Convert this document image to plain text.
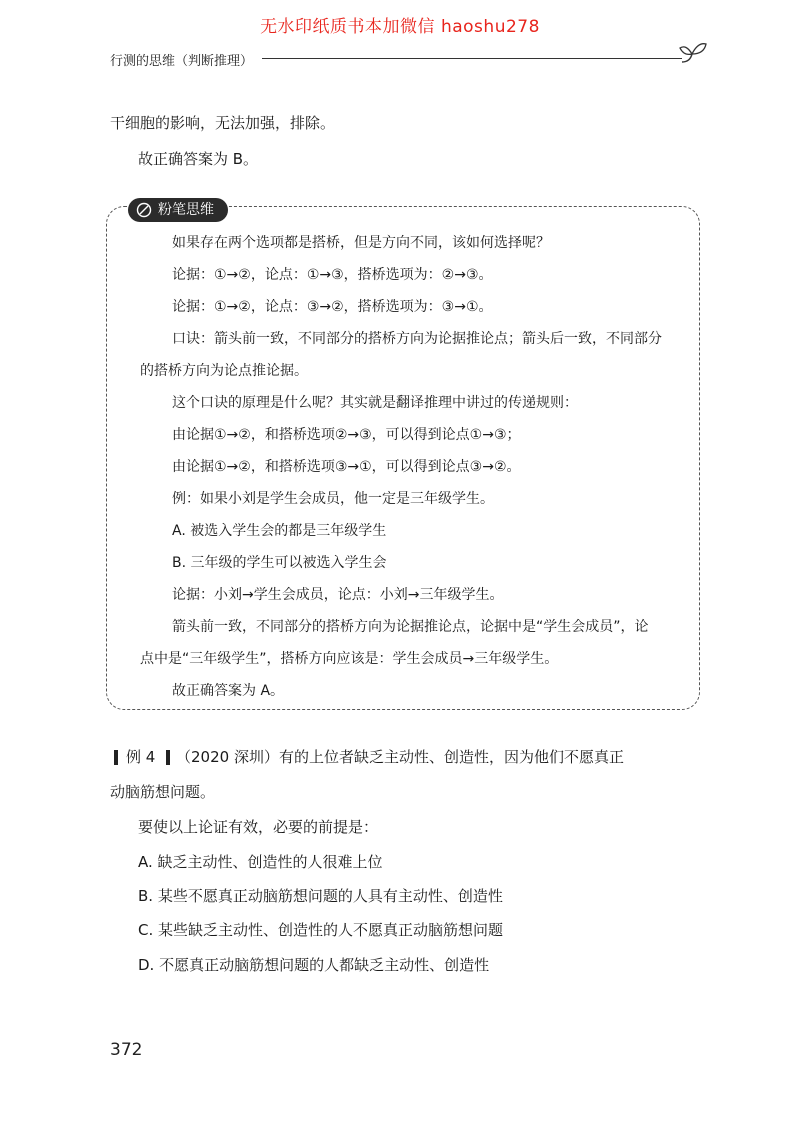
无水印纸质书本加微信 haoshu278
行测的思维（判断推理）
干细胞的影响，无法加强，排除。
故正确答案为 B。
粉笔思维
如果存在两个选项都是搭桥，但是方向不同，该如何选择呢？
论据：①→②，论点：①→③，搭桥选项为：②→③。
论据：①→②，论点：③→②，搭桥选项为：③→①。
口诀：箭头前一致，不同部分的搭桥方向为论据推论点；箭头后一致，不同部分
的搭桥方向为论点推论据。
这个口诀的原理是什么呢？其实就是翻译推理中讲过的传递规则：
由论据①→②，和搭桥选项②→③，可以得到论点①→③；
由论据①→②，和搭桥选项③→①，可以得到论点③→②。
例：如果小刘是学生会成员，他一定是三年级学生。
A. 被选入学生会的都是三年级学生
B. 三年级的学生可以被选入学生会
论据：小刘→学生会成员，论点：小刘→三年级学生。
箭头前一致，不同部分的搭桥方向为论据推论点，论据中是“学生会成员”，论
点中是“三年级学生”，搭桥方向应该是：学生会成员→三年级学生。
故正确答案为 A。
例 4 （2020 深圳）有的上位者缺乏主动性、创造性，因为他们不愿真正
动脑筋想问题。
要使以上论证有效，必要的前提是：
A. 缺乏主动性、创造性的人很难上位
B. 某些不愿真正动脑筋想问题的人具有主动性、创造性
C. 某些缺乏主动性、创造性的人不愿真正动脑筋想问题
D. 不愿真正动脑筋想问题的人都缺乏主动性、创造性
372
